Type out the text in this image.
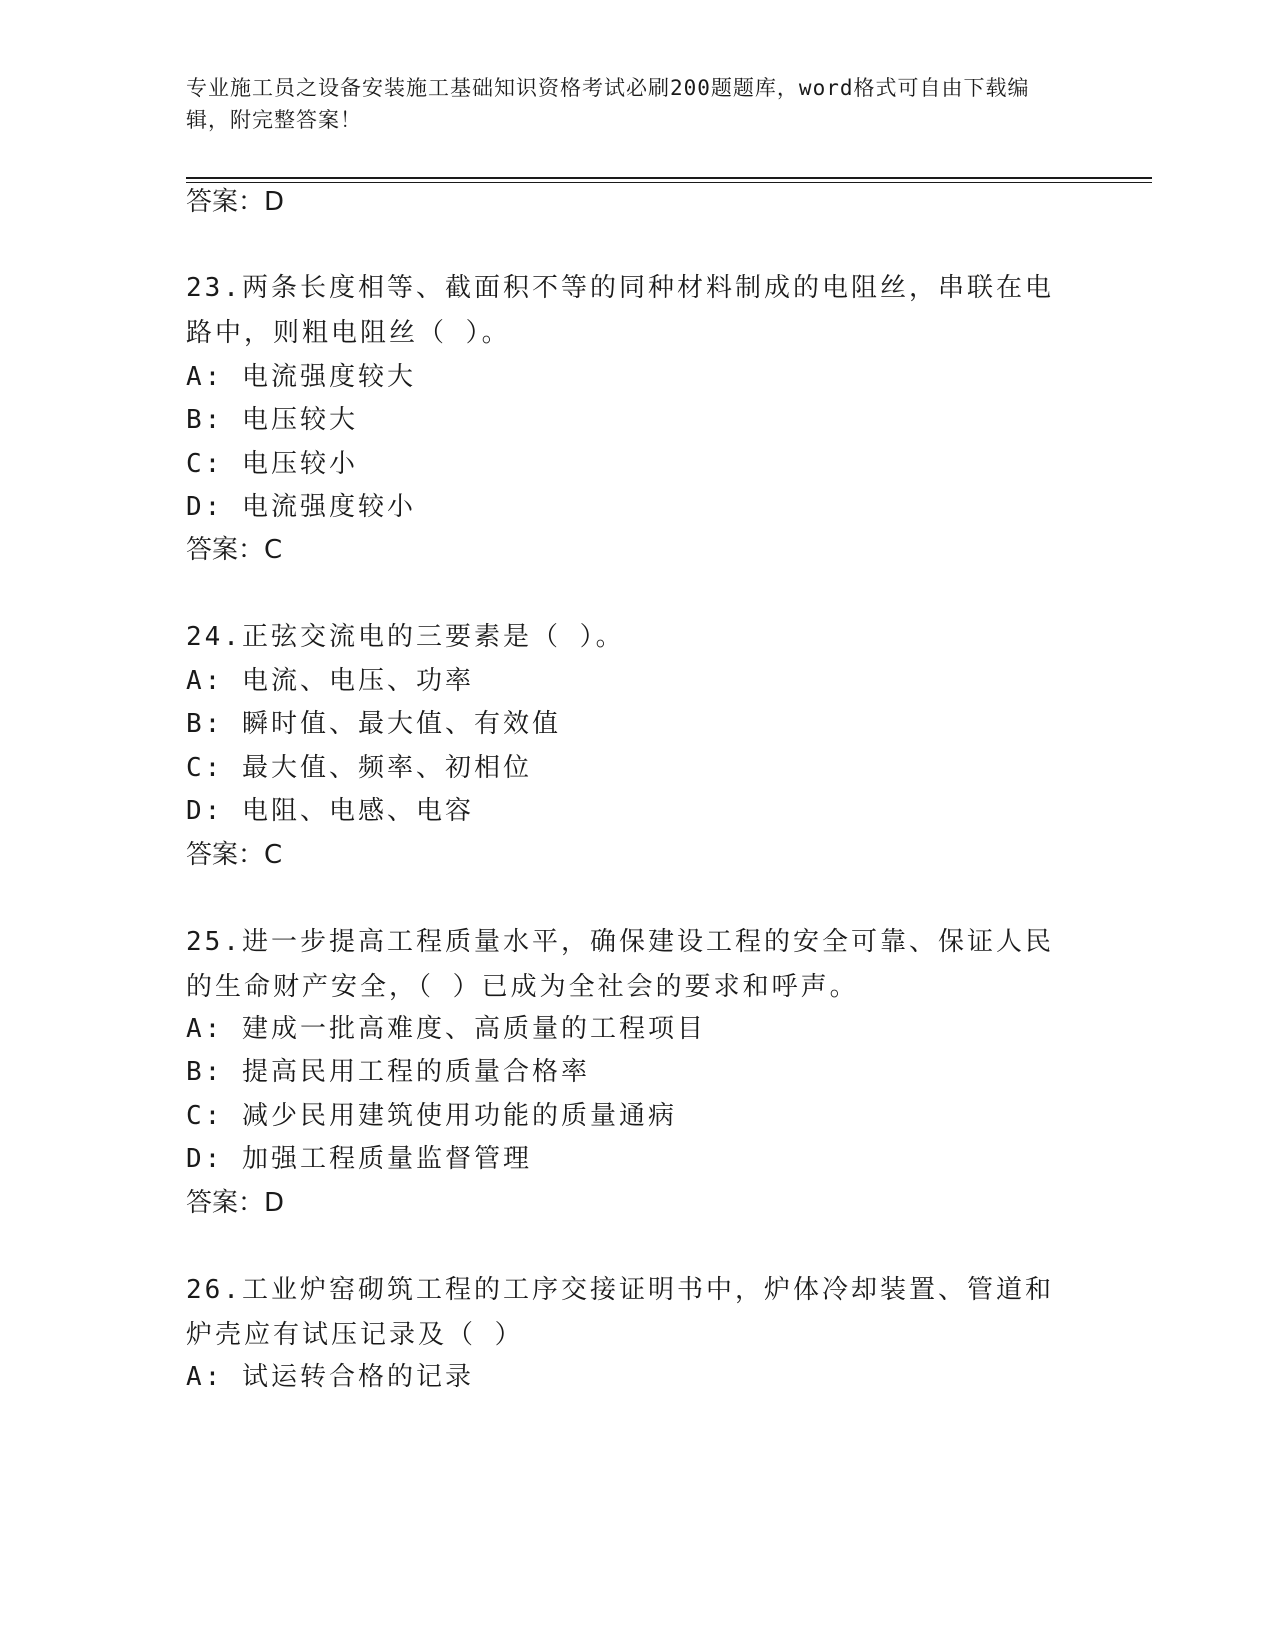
专业施工员之设备安装施工基础知识资格考试必刷200题题库，word格式可自由下载编辑，附完整答案！
答案：D
23.两条长度相等、截面积不等的同种材料制成的电阻丝，串联在电路中，则粗电阻丝（ ）。
A: 电流强度较大
B: 电压较大
C: 电压较小
D: 电流强度较小
答案：C
24.正弦交流电的三要素是（ ）。
A: 电流、电压、功率
B: 瞬时值、最大值、有效值
C: 最大值、频率、初相位
D: 电阻、电感、电容
答案：C
25.进一步提高工程质量水平，确保建设工程的安全可靠、保证人民的生命财产安全，（ ）已成为全社会的要求和呼声。
A: 建成一批高难度、高质量的工程项目
B: 提高民用工程的质量合格率
C: 减少民用建筑使用功能的质量通病
D: 加强工程质量监督管理
答案：D
26.工业炉窑砌筑工程的工序交接证明书中，炉体冷却装置、管道和炉壳应有试压记录及（ ）
A: 试运转合格的记录
